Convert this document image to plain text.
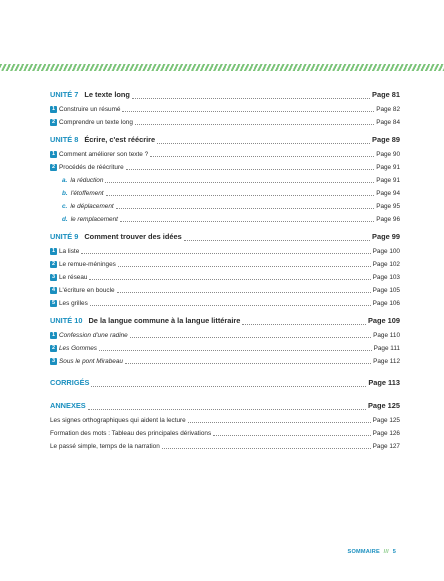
UNITÉ 7 Le texte long	Page 81
1 Construire un résumé	Page 82
2 Comprendre un texte long	Page 84
UNITÉ 8 Écrire, c'est réécrire	Page 89
1 Comment améliorer son texte ?	Page 90
2 Procédés de réécriture	Page 91
a. la réduction	Page 91
b. l'étoffement	Page 94
c. le déplacement	Page 95
d. le remplacement	Page 96
UNITÉ 9 Comment trouver des idées	Page 99
1 La liste	Page 100
2 Le remue-méninges	Page 102
3 Le réseau	Page 103
4 L'écriture en boucle	Page 105
5 Les grilles	Page 106
UNITÉ 10 De la langue commune à la langue littéraire	Page 109
1 Confession d'une radine	Page 110
2 Les Gommes	Page 111
3 Sous le pont Mirabeau	Page 112
CORRIGÉS	Page 113
ANNEXES	Page 125
Les signes orthographiques qui aident la lecture	Page 125
Formation des mots : Tableau des principales dérivations	Page 126
Le passé simple, temps de la narration	Page 127
SOMMAIRE /// 5
